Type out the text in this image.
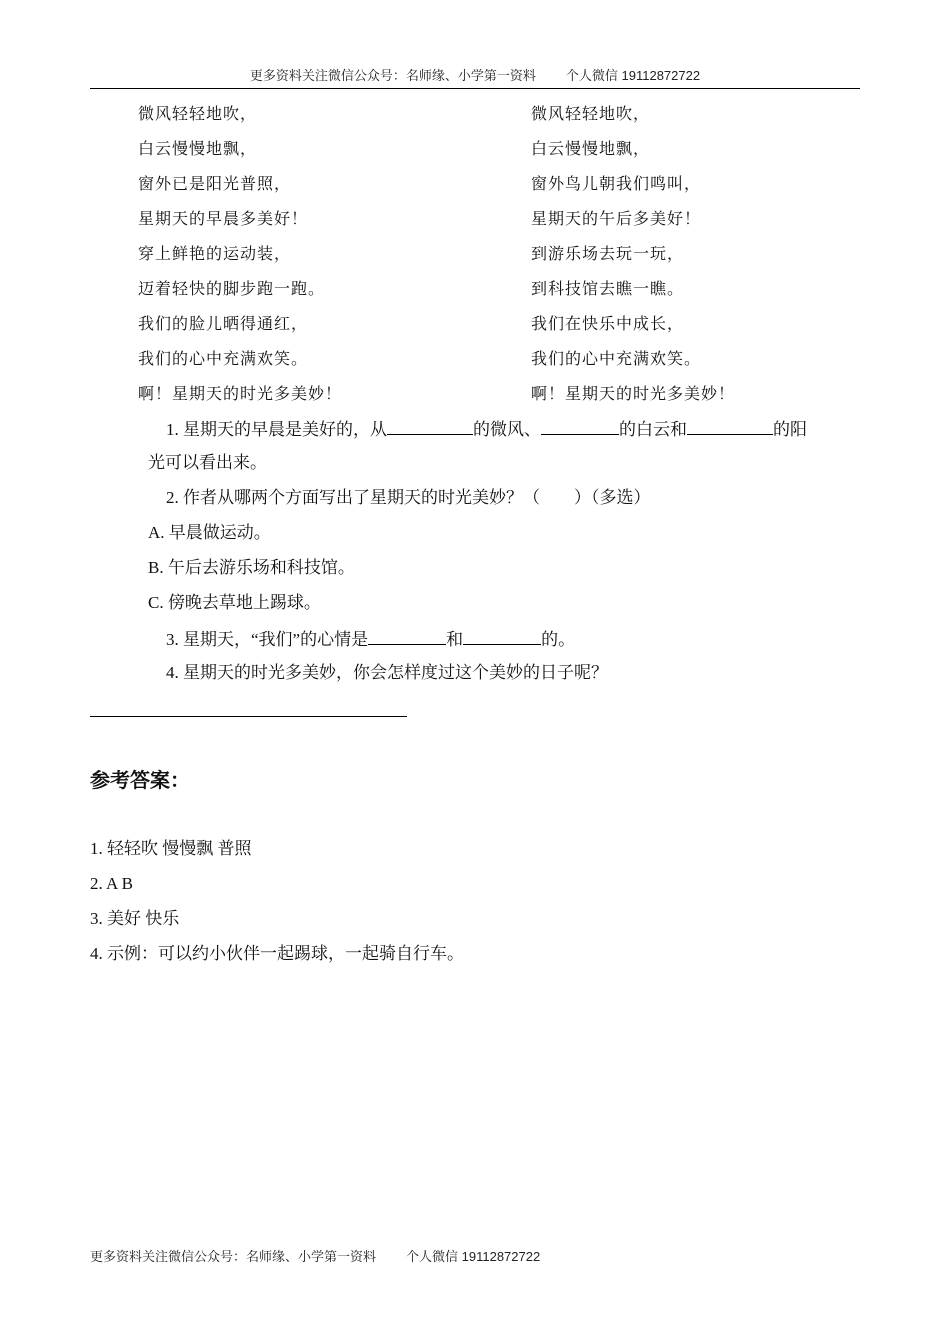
更多资料关注微信公众号：名师缘、小学第一资料 个人微信 19112872722
微风轻轻地吹，
白云慢慢地飘，
窗外已是阳光普照，
星期天的早晨多美好！
穿上鲜艳的运动装，
迈着轻快的脚步跑一跑。
我们的脸儿晒得通红，
我们的心中充满欢笑。
啊！星期天的时光多美妙！
微风轻轻地吹，
白云慢慢地飘，
窗外鸟儿朝我们鸣叫，
星期天的午后多美好！
到游乐场去玩一玩，
到科技馆去瞧一瞧。
我们在快乐中成长，
我们的心中充满欢笑。
啊！星期天的时光多美妙！
1. 星期天的早晨是美好的，从	的微风、	的白云和	的阳
光可以看出来。
2. 作者从哪两个方面写出了星期天的时光美妙？（　　）（多选）
A. 早晨做运动。
B. 午后去游乐场和科技馆。
C. 傍晚去草地上踢球。
3. 星期天，“我们”的心情是	和	的。
4. 星期天的时光多美妙，你会怎样度过这个美妙的日子呢？
参考答案：
1. 轻轻吹 慢慢飘 普照
2. A B
3. 美好 快乐
4. 示例：可以约小伙伴一起踢球，一起骑自行车。
更多资料关注微信公众号：名师缘、小学第一资料 个人微信 19112872722
